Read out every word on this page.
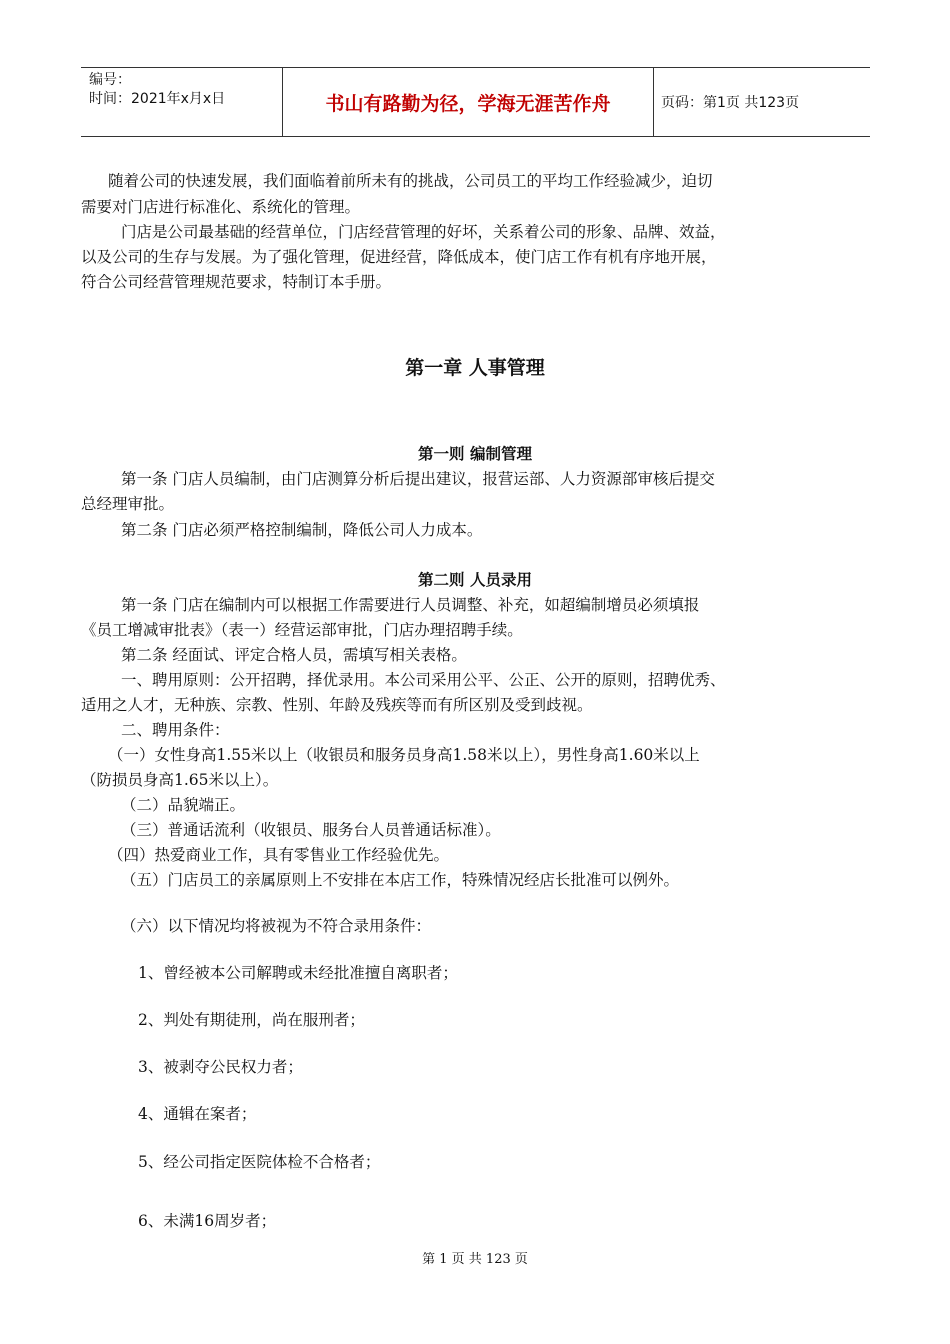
编号：
时间：2021年x月x日	书山有路勤为径，学海无涯苦作舟	页码：第1页 共123页
随着公司的快速发展，我们面临着前所未有的挑战，公司员工的平均工作经验减少，迫切
需要对门店进行标准化、系统化的管理。
门店是公司最基础的经营单位，门店经营管理的好坏，关系着公司的形象、品牌、效益，
以及公司的生存与发展。为了强化管理，促进经营，降低成本，使门店工作有机有序地开展，
符合公司经营管理规范要求，特制订本手册。
第一章 人事管理
第一则 编制管理
第一条 门店人员编制，由门店测算分析后提出建议，报营运部、人力资源部审核后提交
总经理审批。
第二条 门店必须严格控制编制，降低公司人力成本。
第二则 人员录用
第一条 门店在编制内可以根据工作需要进行人员调整、补充，如超编制增员必须填报
《员工增减审批表》（表一）经营运部审批，门店办理招聘手续。
第二条 经面试、评定合格人员，需填写相关表格。
一、聘用原则：公开招聘，择优录用。本公司采用公平、公正、公开的原则，招聘优秀、
适用之人才，无种族、宗教、性别、年龄及残疾等而有所区别及受到歧视。
二、聘用条件：
（一）女性身高1.55米以上（收银员和服务员身高1.58米以上），男性身高1.60米以上
（防损员身高1.65米以上）。
（二）品貌端正。
（三）普通话流利（收银员、服务台人员普通话标准）。
（四）热爱商业工作，具有零售业工作经验优先。
（五）门店员工的亲属原则上不安排在本店工作，特殊情况经店长批准可以例外。
（六）以下情况均将被视为不符合录用条件：
1、曾经被本公司解聘或未经批准擅自离职者；
2、判处有期徒刑，尚在服刑者；
3、被剥夺公民权力者；
4、通辑在案者；
5、经公司指定医院体检不合格者；
6、未满16周岁者；
第 1 页 共 123 页
